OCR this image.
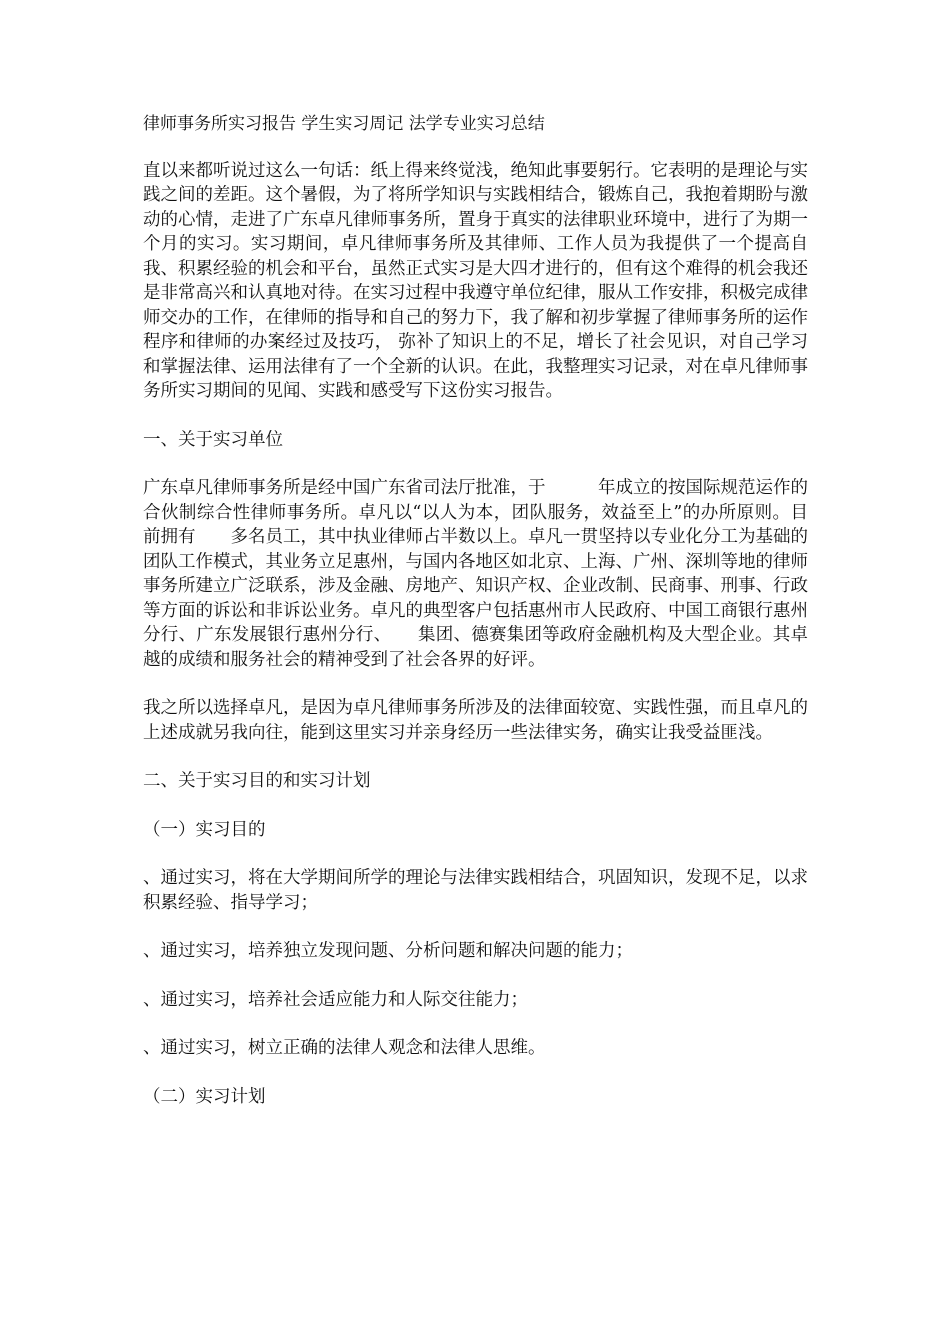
律师事务所实习报告 学生实习周记 法学专业实习总结
直以来都听说过这么一句话：纸上得来终觉浅，绝知此事要躬行。它表明的是理论与实践之间的差距。这个暑假，为了将所学知识与实践相结合，锻炼自己，我抱着期盼与激动的心情，走进了广东卓凡律师事务所，置身于真实的法律职业环境中，进行了为期一个月的实习。实习期间，卓凡律师事务所及其律师、工作人员为我提供了一个提高自我、积累经验的机会和平台，虽然正式实习是大四才进行的，但有这个难得的机会我还是非常高兴和认真地对待。在实习过程中我遵守单位纪律，服从工作安排，积极完成律师交办的工作，在律师的指导和自己的努力下，我了解和初步掌握了律师事务所的运作程序和律师的办案经过及技巧， 弥补了知识上的不足，增长了社会见识，对自己学习和掌握法律、运用法律有了一个全新的认识。在此，我整理实习记录，对在卓凡律师事务所实习期间的见闻、实践和感受写下这份实习报告。
一、关于实习单位
广东卓凡律师事务所是经中国广东省司法厅批准，于　　　年成立的按国际规范运作的合伙制综合性律师事务所。卓凡以“以人为本，团队服务，效益至上”的办所原则。目前拥有　　多名员工，其中执业律师占半数以上。卓凡一贯坚持以专业化分工为基础的团队工作模式，其业务立足惠州，与国内各地区如北京、上海、广州、深圳等地的律师事务所建立广泛联系，涉及金融、房地产、知识产权、企业改制、民商事、刑事、行政等方面的诉讼和非诉讼业务。卓凡的典型客户包括惠州市人民政府、中国工商银行惠州分行、广东发展银行惠州分行、　　集团、德赛集团等政府金融机构及大型企业。其卓越的成绩和服务社会的精神受到了社会各界的好评。
我之所以选择卓凡，是因为卓凡律师事务所涉及的法律面较宽、实践性强，而且卓凡的上述成就另我向往，能到这里实习并亲身经历一些法律实务，确实让我受益匪浅。
二、关于实习目的和实习计划
（一）实习目的
、通过实习，将在大学期间所学的理论与法律实践相结合，巩固知识，发现不足，以求积累经验、指导学习；
、通过实习，培养独立发现问题、分析问题和解决问题的能力；
、通过实习，培养社会适应能力和人际交往能力；
、通过实习，树立正确的法律人观念和法律人思维。
（二）实习计划
